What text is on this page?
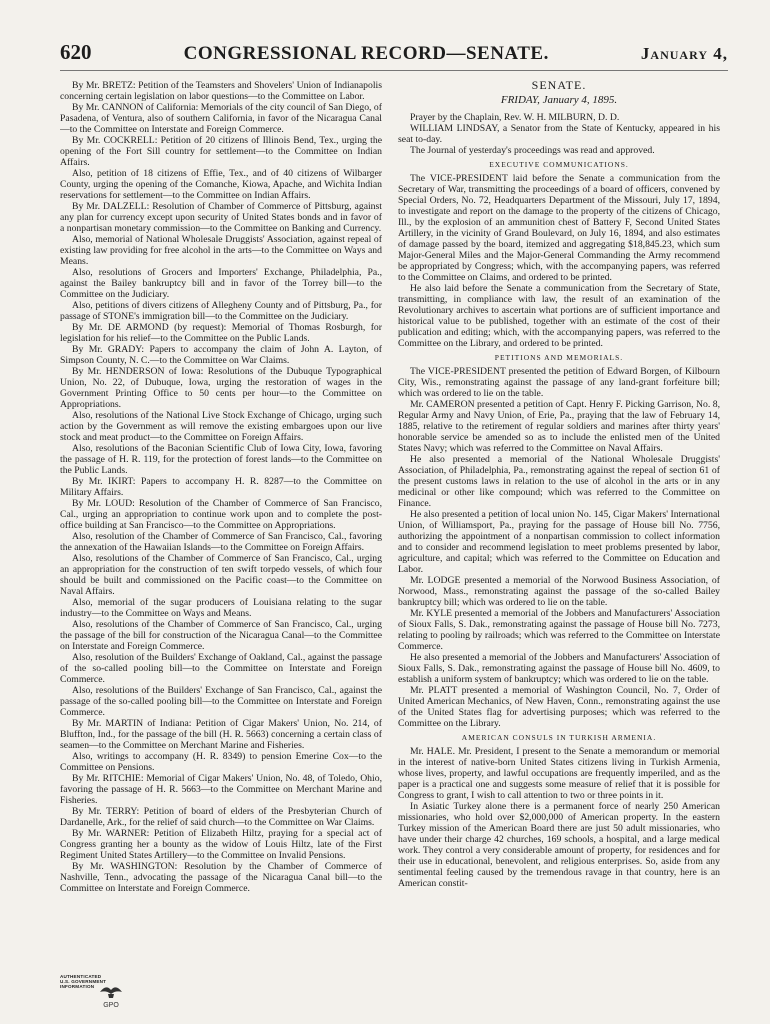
620	CONGRESSIONAL RECORD—SENATE.	January 4,

By Mr. BRETZ: Petition of the Teamsters and Shovelers' Union of Indianapolis concerning certain legislation on labor questions—to the Committee on Labor.

By Mr. CANNON of California: Memorials of the city council of San Diego, of Pasadena, of Ventura, also of southern California, in favor of the Nicaragua Canal—to the Committee on Interstate and Foreign Commerce.

By Mr. COCKRELL: Petition of 20 citizens of Illinois Bend, Tex., urging the opening of the Fort Sill country for settlement—to the Committee on Indian Affairs.

Also, petition of 18 citizens of Effie, Tex., and of 40 citizens of Wilbarger County, urging the opening of the Comanche, Kiowa, Apache, and Wichita Indian reservations for settlement—to the Committee on Indian Affairs.

By Mr. DALZELL: Resolution of Chamber of Commerce of Pittsburg, against any plan for currency except upon security of United States bonds and in favor of a nonpartisan monetary commission—to the Committee on Banking and Currency.

Also, memorial of National Wholesale Druggists' Association, against repeal of existing law providing for free alcohol in the arts—to the Committee on Ways and Means.

Also, resolutions of Grocers and Importers' Exchange, Philadelphia, Pa., against the Bailey bankruptcy bill and in favor of the Torrey bill—to the Committee on the Judiciary.

Also, petitions of divers citizens of Allegheny County and of Pittsburg, Pa., for passage of STONE's immigration bill—to the Committee on the Judiciary.

By Mr. DE ARMOND (by request): Memorial of Thomas Rosburgh, for legislation for his relief—to the Committee on the Public Lands.

By Mr. GRADY: Papers to accompany the claim of John A. Layton, of Simpson County, N. C.—to the Committee on War Claims.

By Mr. HENDERSON of Iowa: Resolutions of the Dubuque Typographical Union, No. 22, of Dubuque, Iowa, urging the restoration of wages in the Government Printing Office to 50 cents per hour—to the Committee on Appropriations.

Also, resolutions of the National Live Stock Exchange of Chicago, urging such action by the Government as will remove the existing embargoes upon our live stock and meat product—to the Committee on Foreign Affairs.

Also, resolutions of the Baconian Scientific Club of Iowa City, Iowa, favoring the passage of H. R. 119, for the protection of forest lands—to the Committee on the Public Lands.

By Mr. IKIRT: Papers to accompany H. R. 8287—to the Committee on Military Affairs.

By Mr. LOUD: Resolution of the Chamber of Commerce of San Francisco, Cal., urging an appropriation to continue work upon and to complete the post-office building at San Francisco—to the Committee on Appropriations.

Also, resolution of the Chamber of Commerce of San Francisco, Cal., favoring the annexation of the Hawaiian Islands—to the Committee on Foreign Affairs.

Also, resolutions of the Chamber of Commerce of San Francisco, Cal., urging an appropriation for the construction of ten swift torpedo vessels, of which four should be built and commissioned on the Pacific coast—to the Committee on Naval Affairs.

Also, memorial of the sugar producers of Louisiana relating to the sugar industry—to the Committee on Ways and Means.

Also, resolutions of the Chamber of Commerce of San Francisco, Cal., urging the passage of the bill for construction of the Nicaragua Canal—to the Committee on Interstate and Foreign Commerce.

Also, resolution of the Builders' Exchange of Oakland, Cal., against the passage of the so-called pooling bill—to the Committee on Interstate and Foreign Commerce.

Also, resolutions of the Builders' Exchange of San Francisco, Cal., against the passage of the so-called pooling bill—to the Committee on Interstate and Foreign Commerce.

By Mr. MARTIN of Indiana: Petition of Cigar Makers' Union, No. 214, of Bluffton, Ind., for the passage of the bill (H. R. 5663) concerning a certain class of seamen—to the Committee on Merchant Marine and Fisheries.

Also, writings to accompany (H. R. 8349) to pension Emerine Cox—to the Committee on Pensions.

By Mr. RITCHIE: Memorial of Cigar Makers' Union, No. 48, of Toledo, Ohio, favoring the passage of H. R. 5663—to the Committee on Merchant Marine and Fisheries.

By Mr. TERRY: Petition of board of elders of the Presbyterian Church of Dardanelle, Ark., for the relief of said church—to the Committee on War Claims.

By Mr. WARNER: Petition of Elizabeth Hiltz, praying for a special act of Congress granting her a bounty as the widow of Louis Hiltz, late of the First Regiment United States Artillery—to the Committee on Invalid Pensions.

By Mr. WASHINGTON: Resolution by the Chamber of Commerce of Nashville, Tenn., advocating the passage of the Nicaragua Canal bill—to the Committee on Interstate and Foreign Commerce.

SENATE.
FRIDAY, January 4, 1895.

Prayer by the Chaplain, Rev. W. H. MILBURN, D. D.

WILLIAM LINDSAY, a Senator from the State of Kentucky, appeared in his seat to-day.

The Journal of yesterday's proceedings was read and approved.

EXECUTIVE COMMUNICATIONS.

The VICE-PRESIDENT laid before the Senate a communication from the Secretary of War, transmitting the proceedings of a board of officers, convened by Special Orders, No. 72, Headquarters Department of the Missouri, July 17, 1894, to investigate and report on the damage to the property of the citizens of Chicago, Ill., by the explosion of an ammunition chest of Battery F, Second United States Artillery, in the vicinity of Grand Boulevard, on July 16, 1894, and also estimates of damage passed by the board, itemized and aggregating $18,845.23, which sum Major-General Miles and the Major-General Commanding the Army recommend be appropriated by Congress; which, with the accompanying papers, was referred to the Committee on Claims, and ordered to be printed.

He also laid before the Senate a communication from the Secretary of State, transmitting, in compliance with law, the result of an examination of the Revolutionary archives to ascertain what portions are of sufficient importance and historical value to be published, together with an estimate of the cost of their publication and editing; which, with the accompanying papers, was referred to the Committee on the Library, and ordered to be printed.

PETITIONS AND MEMORIALS.

The VICE-PRESIDENT presented the petition of Edward Borgen, of Kilbourn City, Wis., remonstrating against the passage of any land-grant forfeiture bill; which was ordered to lie on the table.

Mr. CAMERON presented a petition of Capt. Henry F. Picking Garrison, No. 8, Regular Army and Navy Union, of Erie, Pa., praying that the law of February 14, 1885, relative to the retirement of regular soldiers and marines after thirty years' honorable service be amended so as to include the enlisted men of the United States Navy; which was referred to the Committee on Naval Affairs.

He also presented a memorial of the National Wholesale Druggists' Association, of Philadelphia, Pa., remonstrating against the repeal of section 61 of the present customs laws in relation to the use of alcohol in the arts or in any medicinal or other like compound; which was referred to the Committee on Finance.

He also presented a petition of local union No. 145, Cigar Makers' International Union, of Williamsport, Pa., praying for the passage of House bill No. 7756, authorizing the appointment of a nonpartisan commission to collect information and to consider and recommend legislation to meet problems presented by labor, agriculture, and capital; which was referred to the Committee on Education and Labor.

Mr. LODGE presented a memorial of the Norwood Business Association, of Norwood, Mass., remonstrating against the passage of the so-called Bailey bankruptcy bill; which was ordered to lie on the table.

Mr. KYLE presented a memorial of the Jobbers and Manufacturers' Association of Sioux Falls, S. Dak., remonstrating against the passage of House bill No. 7273, relating to pooling by railroads; which was referred to the Committee on Interstate Commerce.

He also presented a memorial of the Jobbers and Manufacturers' Association of Sioux Falls, S. Dak., remonstrating against the passage of House bill No. 4609, to establish a uniform system of bankruptcy; which was ordered to lie on the table.

Mr. PLATT presented a memorial of Washington Council, No. 7, Order of United American Mechanics, of New Haven, Conn., remonstrating against the use of the United States flag for advertising purposes; which was referred to the Committee on the Library.

AMERICAN CONSULS IN TURKISH ARMENIA.

Mr. HALE. Mr. President, I present to the Senate a memorandum or memorial in the interest of native-born United States citizens living in Turkish Armenia, whose lives, property, and lawful occupations are frequently imperiled, and as the paper is a practical one and suggests some measure of relief that it is possible for Congress to grant, I wish to call attention to two or three points in it.

In Asiatic Turkey alone there is a permanent force of nearly 250 American missionaries, who hold over $2,000,000 of American property. In the eastern Turkey mission of the American Board there are just 50 adult missionaries, who have under their charge 42 churches, 169 schools, a hospital, and a large medical work. They control a very considerable amount of property, for residences and for their use in educational, benevolent, and religious enterprises. So, aside from any sentimental feeling caused by the tremendous ravage in that country, here is an American constit-

AUTHENTICATED
U.S. GOVERNMENT
INFORMATION
GPO
